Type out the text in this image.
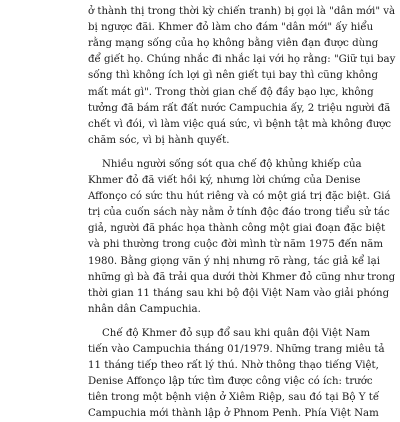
ở thành thị trong thời kỳ chiến tranh) bị gọi là "dân mới" và
bị ngược đãi. Khmer đỏ làm cho đám "dân mới" ấy hiểu
rằng mạng sống của họ không bằng viên đạn được dùng
để giết họ. Chúng nhắc đi nhắc lại với họ rằng: "Giữ tụi bay
sống thì không ích lợi gì nên giết tụi bay thì cũng không
mất mát gì". Trong thời gian chế độ đầy bạo lực, không
tưởng đã bám rất đất nước Campuchia ấy, 2 triệu người đã
chết vì đói, vì làm việc quá sức, vì bệnh tật mà không được
chăm sóc, vì bị hành quyết.
Nhiều người sống sót qua chế độ khủng khiếp của
Khmer đỏ đã viết hồi ký, nhưng lời chứng của Denise
Affonço có sức thu hút riêng và có một giá trị đặc biệt. Giá
trị của cuốn sách này nằm ở tính độc đáo trong tiểu sử tác
giả, người đã phác họa thành công một giai đoạn đặc biệt
và phi thường trong cuộc đời mình từ năm 1975 đến năm
1980. Bằng giọng văn ý nhị nhưng rõ ràng, tác giả kể lại
những gì bà đã trải qua dưới thời Khmer đỏ cũng như trong
thời gian 11 tháng sau khi bộ đội Việt Nam vào giải phóng
nhân dân Campuchia.
Chế độ Khmer đỏ sụp đổ sau khi quân đội Việt Nam
tiến vào Campuchia tháng 01/1979. Những trang miêu tả
11 tháng tiếp theo rất lý thú. Nhờ thông thạo tiếng Việt,
Denise Affonço lập tức tìm được công việc có ích: trước
tiên trong một bệnh viện ở Xiêm Riệp, sau đó tại Bộ Y tế
Campuchia mới thành lập ở Phnom Penh. Phía Việt Nam
